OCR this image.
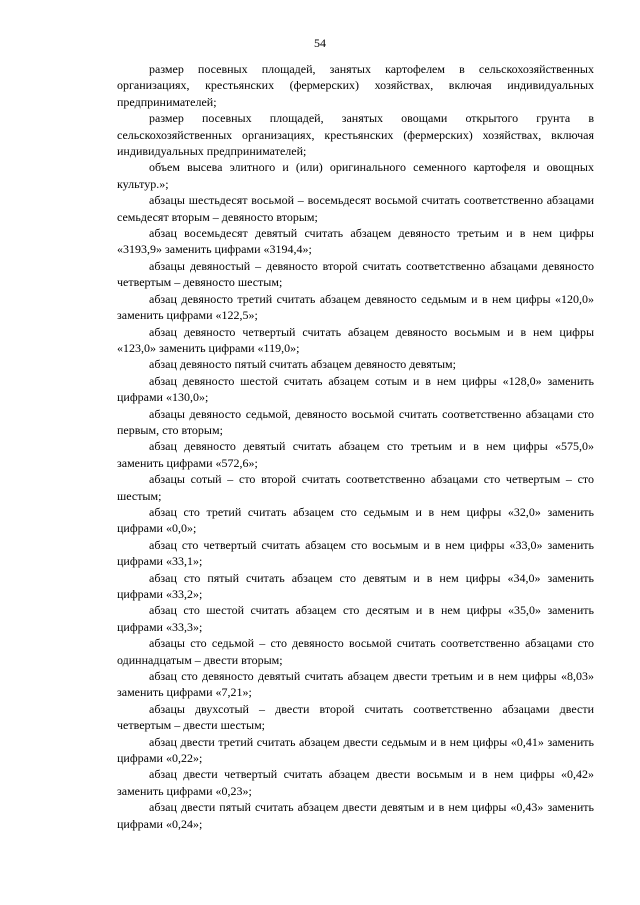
54

размер посевных площадей, занятых картофелем в сельскохозяйственных организациях, крестьянских (фермерских) хозяйствах, включая индивидуальных предпринимателей;

размер посевных площадей, занятых овощами открытого грунта в сельскохозяйственных организациях, крестьянских (фермерских) хозяйствах, включая индивидуальных предпринимателей;

объем высева элитного и (или) оригинального семенного картофеля и овощных культур.»;

абзацы шестьдесят восьмой – восемьдесят восьмой считать соответственно абзацами семьдесят вторым – девяносто вторым;

абзац восемьдесят девятый считать абзацем девяносто третьим и в нем цифры «3193,9» заменить цифрами «3194,4»;

абзацы девяностый – девяносто второй считать соответственно абзацами девяносто четвертым – девяносто шестым;

абзац девяносто третий считать абзацем девяносто седьмым и в нем цифры «120,0» заменить цифрами «122,5»;

абзац девяносто четвертый считать абзацем девяносто восьмым и в нем цифры «123,0» заменить цифрами «119,0»;

абзац девяносто пятый считать абзацем девяносто девятым;

абзац девяносто шестой считать абзацем сотым и в нем цифры «128,0» заменить цифрами «130,0»;

абзацы девяносто седьмой, девяносто восьмой считать соответственно абзацами сто первым, сто вторым;

абзац девяносто девятый считать абзацем сто третьим и в нем цифры «575,0» заменить цифрами «572,6»;

абзацы сотый – сто второй считать соответственно абзацами сто четвертым – сто шестым;

абзац сто третий считать абзацем сто седьмым и в нем цифры «32,0» заменить цифрами «0,0»;

абзац сто четвертый считать абзацем сто восьмым и в нем цифры «33,0» заменить цифрами «33,1»;

абзац сто пятый считать абзацем сто девятым и в нем цифры «34,0» заменить цифрами «33,2»;

абзац сто шестой считать абзацем сто десятым и в нем цифры «35,0» заменить цифрами «33,3»;

абзацы сто седьмой – сто девяносто восьмой считать соответственно абзацами сто одиннадцатым – двести вторым;

абзац сто девяносто девятый считать абзацем двести третьим и в нем цифры «8,03» заменить цифрами «7,21»;

абзацы двухсотый – двести второй считать соответственно абзацами двести четвертым – двести шестым;

абзац двести третий считать абзацем двести седьмым и в нем цифры «0,41» заменить цифрами «0,22»;

абзац двести четвертый считать абзацем двести восьмым и в нем цифры «0,42» заменить цифрами «0,23»;

абзац двести пятый считать абзацем двести девятым и в нем цифры «0,43» заменить цифрами «0,24»;
